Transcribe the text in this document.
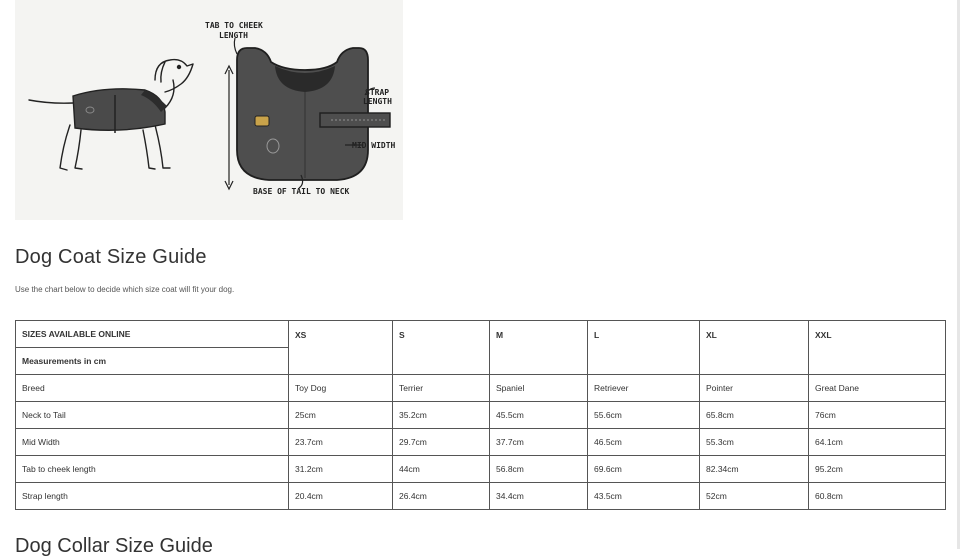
TAB TO CHEEK
LENGTH
STRAP
LENGTH
MID WIDTH
BASE OF TAIL TO NECK
Dog Coat Size Guide

Use the chart below to decide which size coat will fit your dog.

SIZES AVAILABLE ONLINE	XS	S	M	L	XL	XXL
Measurements in cm						
Breed	Toy Dog	Terrier	Spaniel	Retriever	Pointer	Great Dane
Neck to Tail	25cm	35.2cm	45.5cm	55.6cm	65.8cm	76cm
Mid Width	23.7cm	29.7cm	37.7cm	46.5cm	55.3cm	64.1cm
Tab to cheek length	31.2cm	44cm	56.8cm	69.6cm	82.34cm	95.2cm
Strap length	20.4cm	26.4cm	34.4cm	43.5cm	52cm	60.8cm
Dog Collar Size Guide
